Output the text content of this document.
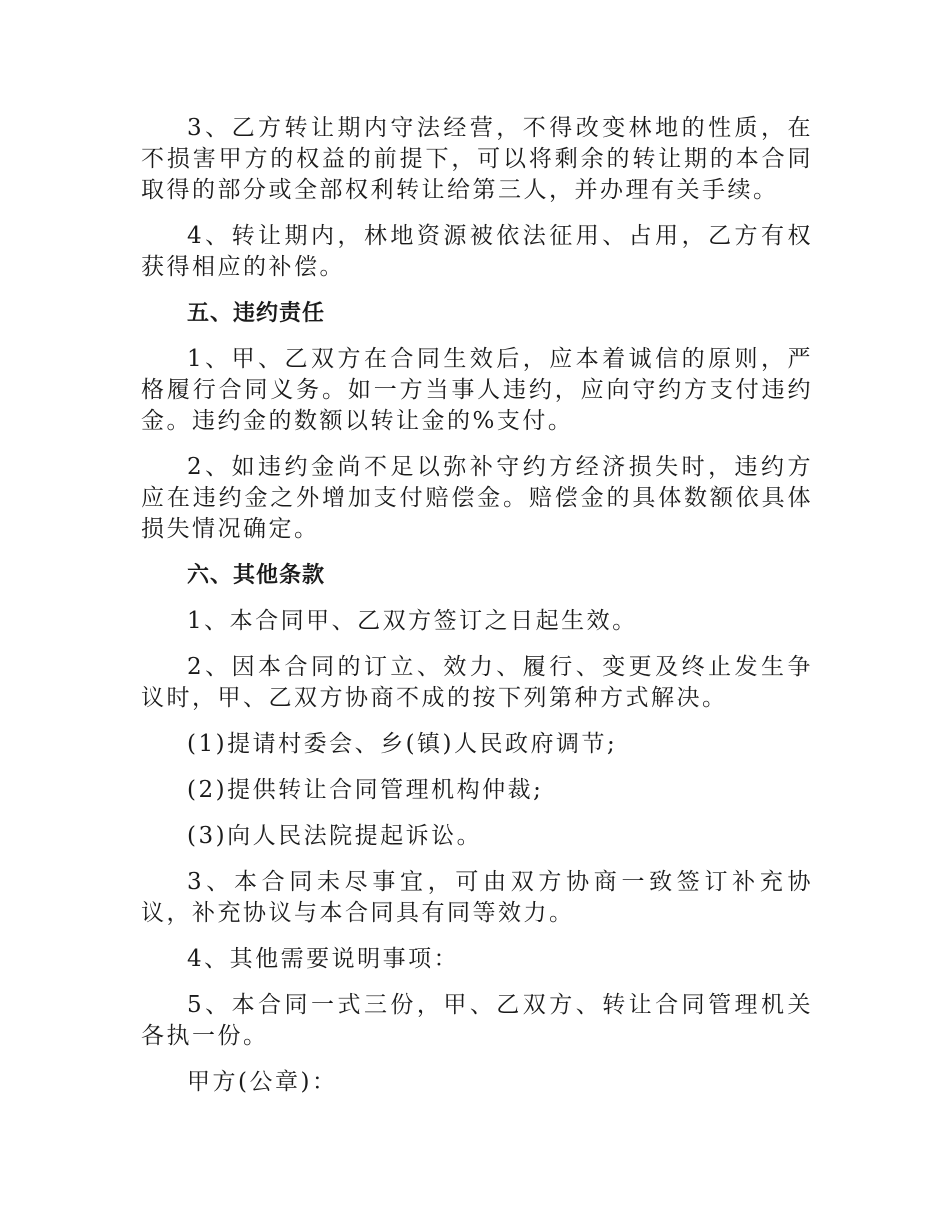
3、乙方转让期内守法经营，不得改变林地的性质，在不损害甲方的权益的前提下，可以将剩余的转让期的本合同取得的部分或全部权利转让给第三人，并办理有关手续。

4、转让期内，林地资源被依法征用、占用，乙方有权获得相应的补偿。

五、违约责任

1、甲、乙双方在合同生效后，应本着诚信的原则，严格履行合同义务。如一方当事人违约，应向守约方支付违约金。违约金的数额以转让金的%支付。

2、如违约金尚不足以弥补守约方经济损失时，违约方应在违约金之外增加支付赔偿金。赔偿金的具体数额依具体损失情况确定。

六、其他条款

1、本合同甲、乙双方签订之日起生效。

2、因本合同的订立、效力、履行、变更及终止发生争议时，甲、乙双方协商不成的按下列第种方式解决。

(1)提请村委会、乡(镇)人民政府调节;

(2)提供转让合同管理机构仲裁;

(3)向人民法院提起诉讼。

3、本合同未尽事宜，可由双方协商一致签订补充协议，补充协议与本合同具有同等效力。

4、其他需要说明事项：

5、本合同一式三份，甲、乙双方、转让合同管理机关各执一份。

甲方(公章)：
